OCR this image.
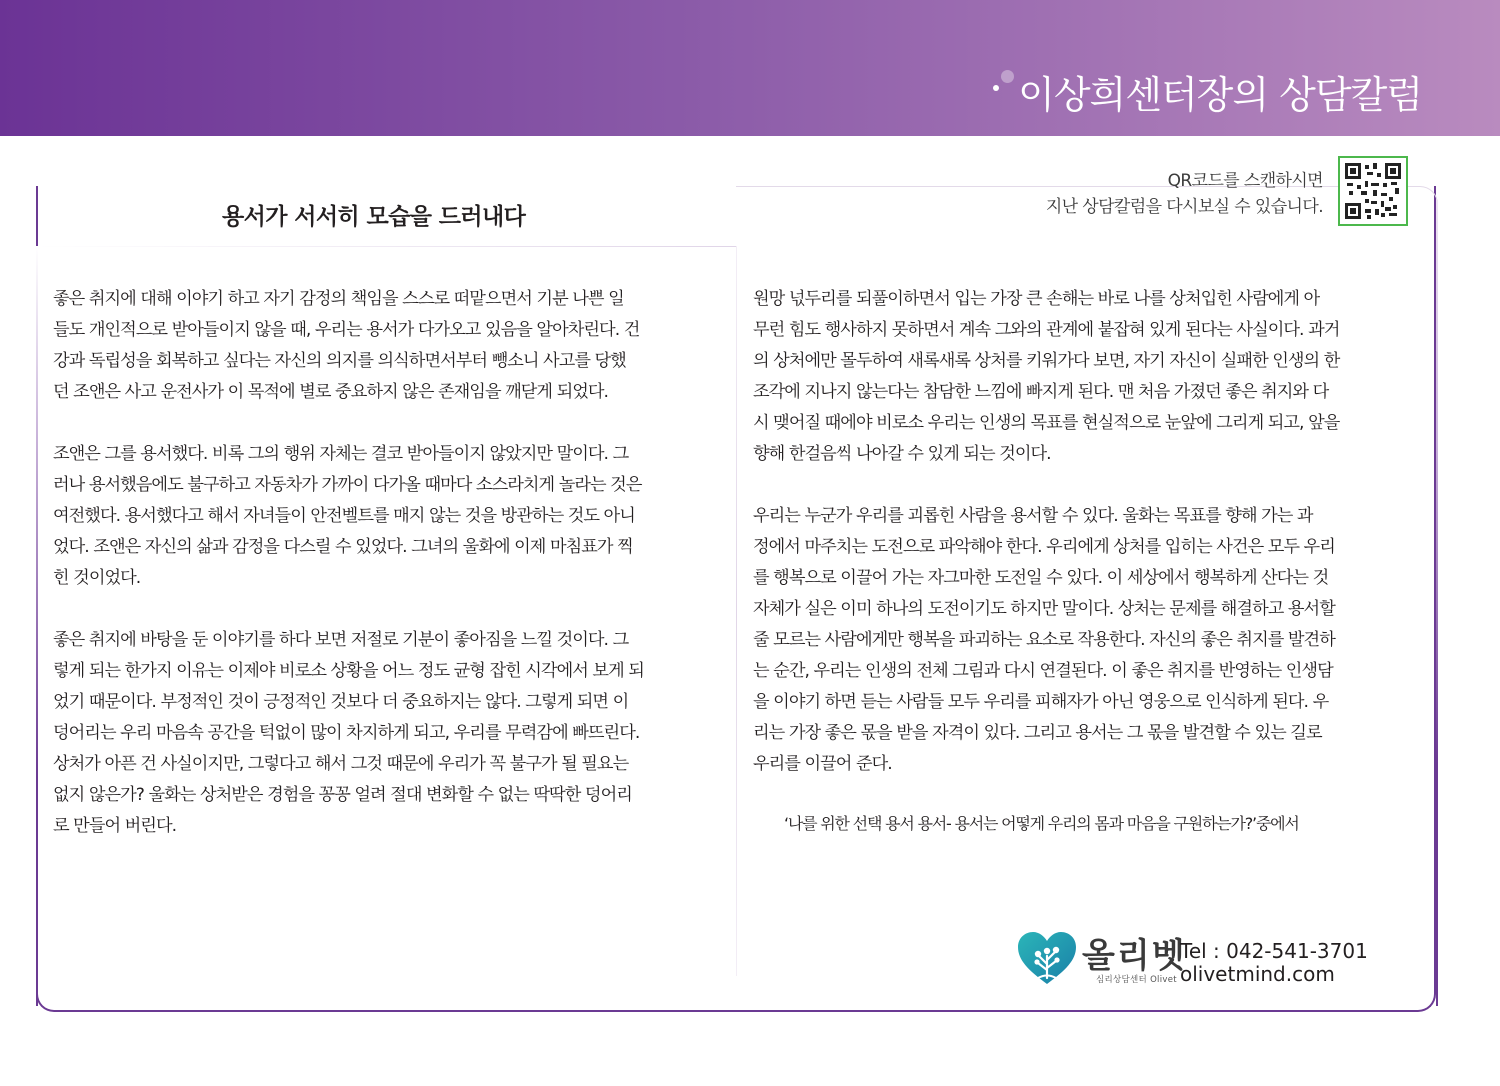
이상희센터장의 상담칼럼
용서가 서서히 모습을 드러내다
QR코드를 스캔하시면
지난 상담칼럼을 다시보실 수 있습니다.
좋은 취지에 대해 이야기 하고 자기 감정의 책임을 스스로 떠맡으면서 기분 나쁜 일
들도 개인적으로 받아들이지 않을 때, 우리는 용서가 다가오고 있음을 알아차린다. 건
강과 독립성을 회복하고 싶다는 자신의 의지를 의식하면서부터 뺑소니 사고를 당했
던 조앤은 사고 운전사가 이 목적에 별로 중요하지 않은 존재임을 깨닫게 되었다.
조앤은 그를 용서했다. 비록 그의 행위 자체는 결코 받아들이지 않았지만 말이다. 그
러나 용서했음에도 불구하고 자동차가 가까이 다가올 때마다 소스라치게 놀라는 것은
여전했다. 용서했다고 해서 자녀들이 안전벨트를 매지 않는 것을 방관하는 것도 아니
었다. 조앤은 자신의 삶과 감정을 다스릴 수 있었다. 그녀의 울화에 이제 마침표가 찍
힌 것이었다.
좋은 취지에 바탕을 둔 이야기를 하다 보면 저절로 기분이 좋아짐을 느낄 것이다. 그
렇게 되는 한가지 이유는 이제야 비로소 상황을 어느 정도 균형 잡힌 시각에서 보게 되
었기 때문이다. 부정적인 것이 긍정적인 것보다 더 중요하지는 않다. 그렇게 되면 이
덩어리는 우리 마음속 공간을 턱없이 많이 차지하게 되고, 우리를 무력감에 빠뜨린다.
상처가 아픈 건 사실이지만, 그렇다고 해서 그것 때문에 우리가 꼭 불구가 될 필요는
없지 않은가? 울화는 상처받은 경험을 꽁꽁 얼려 절대 변화할 수 없는 딱딱한 덩어리
로 만들어 버린다.
원망 넋두리를 되풀이하면서 입는 가장 큰 손해는 바로 나를 상처입힌 사람에게 아
무런 힘도 행사하지 못하면서 계속 그와의 관계에 붙잡혀 있게 된다는 사실이다. 과거
의 상처에만 몰두하여 새록새록 상처를 키워가다 보면, 자기 자신이 실패한 인생의 한
조각에 지나지 않는다는 참담한 느낌에 빠지게 된다. 맨 처음 가졌던 좋은 취지와 다
시 맺어질 때에야 비로소 우리는 인생의 목표를 현실적으로 눈앞에 그리게 되고, 앞을
향해 한걸음씩 나아갈 수 있게 되는 것이다.
우리는 누군가 우리를 괴롭힌 사람을 용서할 수 있다. 울화는 목표를 향해 가는 과
정에서 마주치는 도전으로 파악해야 한다. 우리에게 상처를 입히는 사건은 모두 우리
를 행복으로 이끌어 가는 자그마한 도전일 수 있다. 이 세상에서 행복하게 산다는 것
자체가 실은 이미 하나의 도전이기도 하지만 말이다. 상처는 문제를 해결하고 용서할
줄 모르는 사람에게만 행복을 파괴하는 요소로 작용한다. 자신의 좋은 취지를 발견하
는 순간, 우리는 인생의 전체 그림과 다시 연결된다. 이 좋은 취지를 반영하는 인생담
을 이야기 하면 듣는 사람들 모두 우리를 피해자가 아닌 영웅으로 인식하게 된다. 우
리는 가장 좋은 몫을 받을 자격이 있다. 그리고 용서는 그 몫을 발견할 수 있는 길로
우리를 이끌어 준다.
‘나를 위한 선택 용서 용서- 용서는 어떻게 우리의 몸과 마음을 구원하는가?’중에서
올리벳
심리상담센터 Olivet
Tel : 042-541-3701
olivetmind.com
